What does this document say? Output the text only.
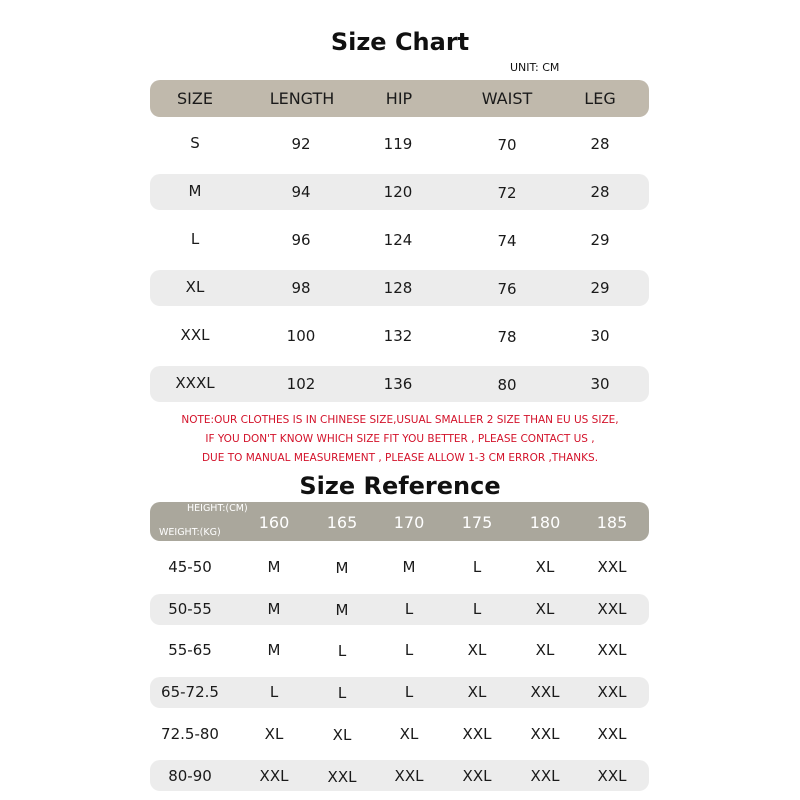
Size Chart
UNIT: CM
SIZE	LENGTH	HIP	WAIST	LEG
S	92	119	70	28
M	94	120	72	28
L	96	124	74	29
XL	98	128	76	29
XXL	100	132	78	30
XXXL	102	136	80	30
NOTE:OUR CLOTHES IS IN CHINESE SIZE,USUAL SMALLER 2 SIZE THAN EU US SIZE,
IF YOU DON'T KNOW WHICH SIZE FIT YOU BETTER , PLEASE CONTACT US ,
DUE TO MANUAL MEASUREMENT , PLEASE ALLOW 1-3 CM ERROR ,THANKS.
Size Reference
HEIGHT:(CM)
WEIGHT:(KG)
160 165 170 175 180 185
45-50	M	M	M	L	XL	XXL
50-55	M	M	L	L	XL	XXL
55-65	M	L	L	XL	XL	XXL
65-72.5	L	L	L	XL	XXL	XXL
72.5-80	XL	XL	XL	XXL	XXL	XXL
80-90	XXL	XXL	XXL	XXL	XXL	XXL
